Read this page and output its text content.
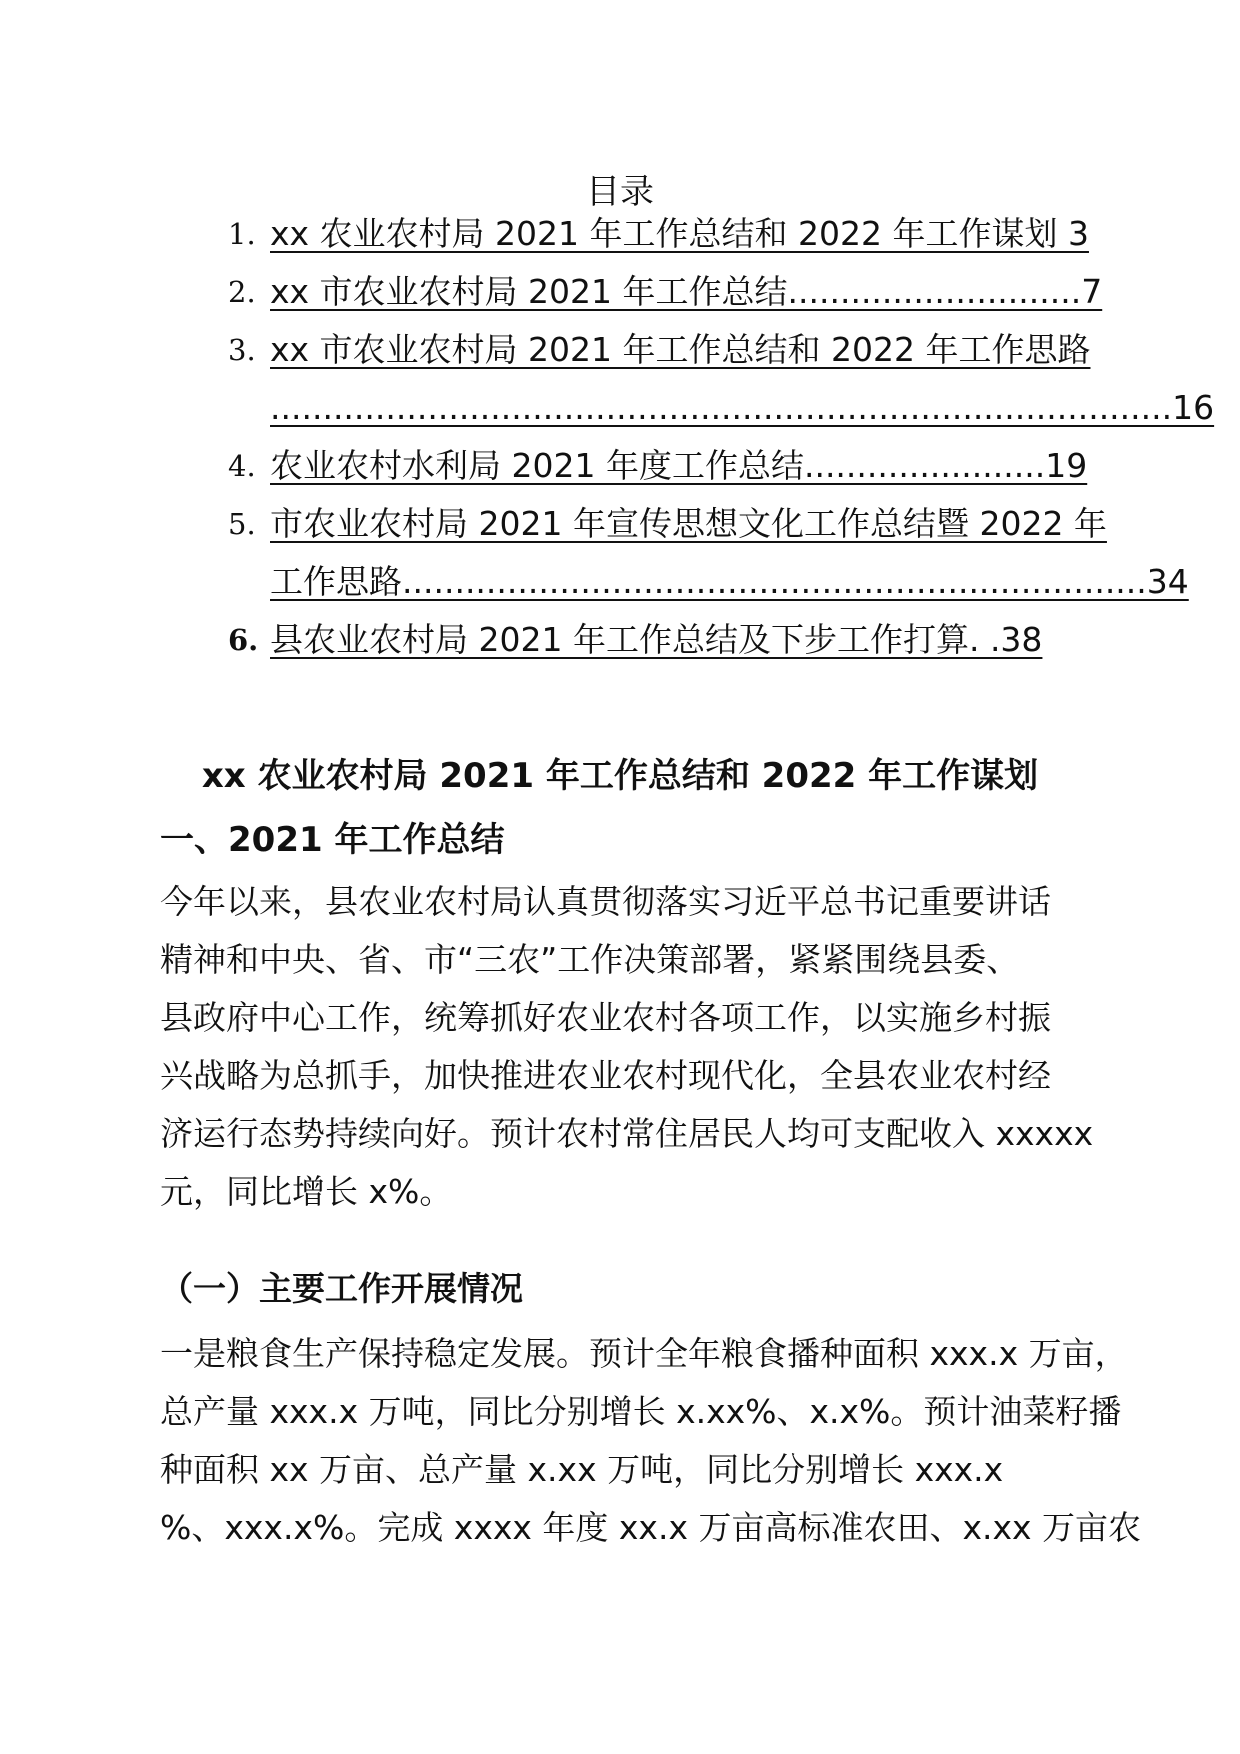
目录
1. xx 农业农村局 2021 年工作总结和 2022 年工作谋划 3
2. xx 市农业农村局 2021 年工作总结............................7
3. xx 市农业农村局 2021 年工作总结和 2022 年工作思路
......................................................................................16
4. 农业农村水利局 2021 年度工作总结.......................19
5. 市农业农村局 2021 年宣传思想文化工作总结暨 2022 年
工作思路.......................................................................34
6. 县农业农村局 2021 年工作总结及下步工作打算. .38
xx 农业农村局 2021 年工作总结和 2022 年工作谋划
一、2021 年工作总结
今年以来，县农业农村局认真贯彻落实习近平总书记重要讲话
精神和中央、省、市“三农”工作决策部署，紧紧围绕县委、
县政府中心工作，统筹抓好农业农村各项工作，以实施乡村振
兴战略为总抓手，加快推进农业农村现代化，全县农业农村经
济运行态势持续向好。预计农村常住居民人均可支配收入 xxxxx
元，同比增长 x%。
（一）主要工作开展情况
一是粮食生产保持稳定发展。预计全年粮食播种面积 xxx.x 万亩，
总产量 xxx.x 万吨，同比分别增长 x.xx%、x.x%。预计油菜籽播
种面积 xx 万亩、总产量 x.xx 万吨，同比分别增长 xxx.x
%、xxx.x%。完成 xxxx 年度 xx.x 万亩高标准农田、x.xx 万亩农
